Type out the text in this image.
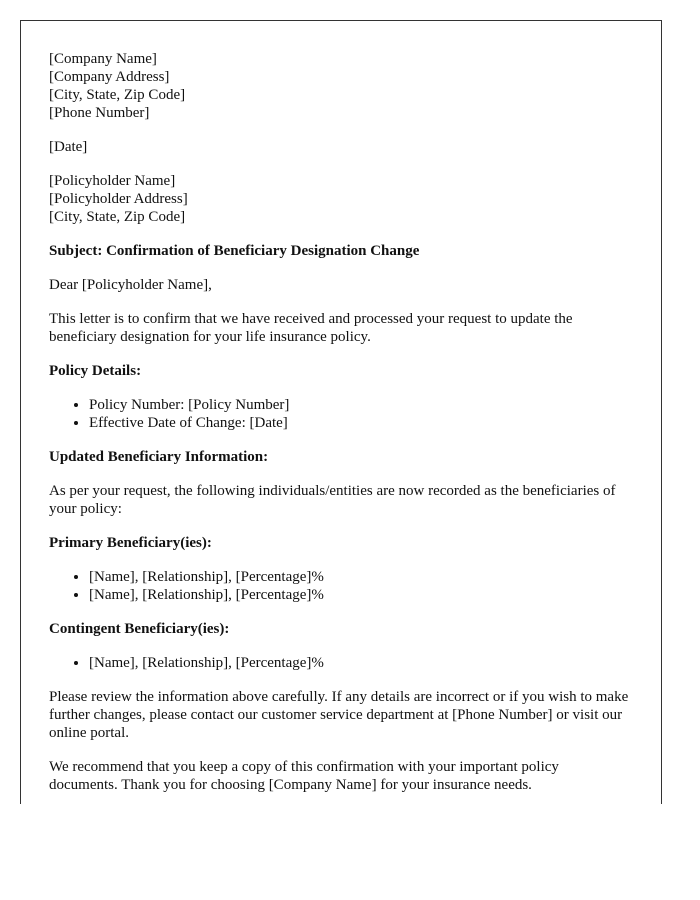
[Company Name]
[Company Address]
[City, State, Zip Code]
[Phone Number]

[Date]

[Policyholder Name]
[Policyholder Address]
[City, State, Zip Code]

Subject: Confirmation of Beneficiary Designation Change

Dear [Policyholder Name],

This letter is to confirm that we have received and processed your request to update the beneficiary designation for your life insurance policy.

Policy Details:

• Policy Number: [Policy Number]
• Effective Date of Change: [Date]

Updated Beneficiary Information:

As per your request, the following individuals/entities are now recorded as the beneficiaries of your policy:

Primary Beneficiary(ies):

• [Name], [Relationship], [Percentage]%
• [Name], [Relationship], [Percentage]%

Contingent Beneficiary(ies):

• [Name], [Relationship], [Percentage]%

Please review the information above carefully. If any details are incorrect or if you wish to make further changes, please contact our customer service department at [Phone Number] or visit our online portal.

We recommend that you keep a copy of this confirmation with your important policy documents. Thank you for choosing [Company Name] for your insurance needs.
